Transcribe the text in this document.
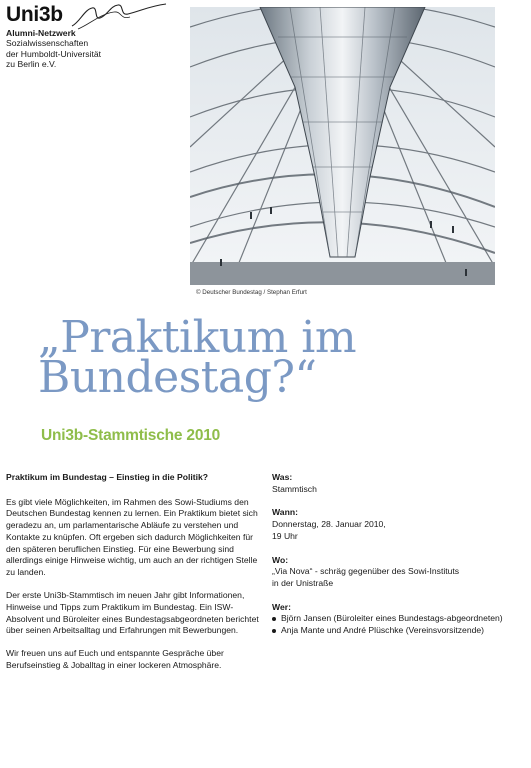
Uni3b
Alumni-Netzwerk
Sozialwissenschaften
der Humboldt-Universität
zu Berlin e.V.
© Deutscher Bundestag / Stephan Erfurt
„Praktikum im
Bundestag?“
Uni3b-Stammtische 2010

Praktikum im Bundestag – Einstieg in die Politik?

Es gibt viele Möglichkeiten, im Rahmen des Sowi-Studiums den Deutschen Bundestag kennen zu lernen. Ein Praktikum bietet sich geradezu an, um parlamentarische Abläufe zu verstehen und Kontakte zu knüpfen. Oft ergeben sich dadurch Möglichkeiten für den späteren beruflichen Einstieg. Für eine Bewerbung sind allerdings einige Hinweise wichtig, um auch an der richtigen Stelle zu landen.

Der erste Uni3b-Stammtisch im neuen Jahr gibt Informationen, Hinweise und Tipps zum Praktikum im Bundestag. Ein ISW-Absolvent und Büroleiter eines Bundestagsabgeordneten berichtet über seinen Arbeitsalltag und Erfahrungen mit Bewerbungen.

Wir freuen uns auf Euch und entspannte Gespräche über Berufseinstieg & Joballtag in einer lockeren Atmosphäre.

Was:
Stammtisch
Wann:
Donnerstag, 28. Januar 2010,
19 Uhr
Wo:
„Via Nova“ - schräg gegenüber des Sowi-Instituts
in der Unistraße
Wer:
Björn Jansen (Büroleiter eines Bundestags-abgeordneten)
Anja Mante und André Plüschke (Vereinsvorsitzende)
